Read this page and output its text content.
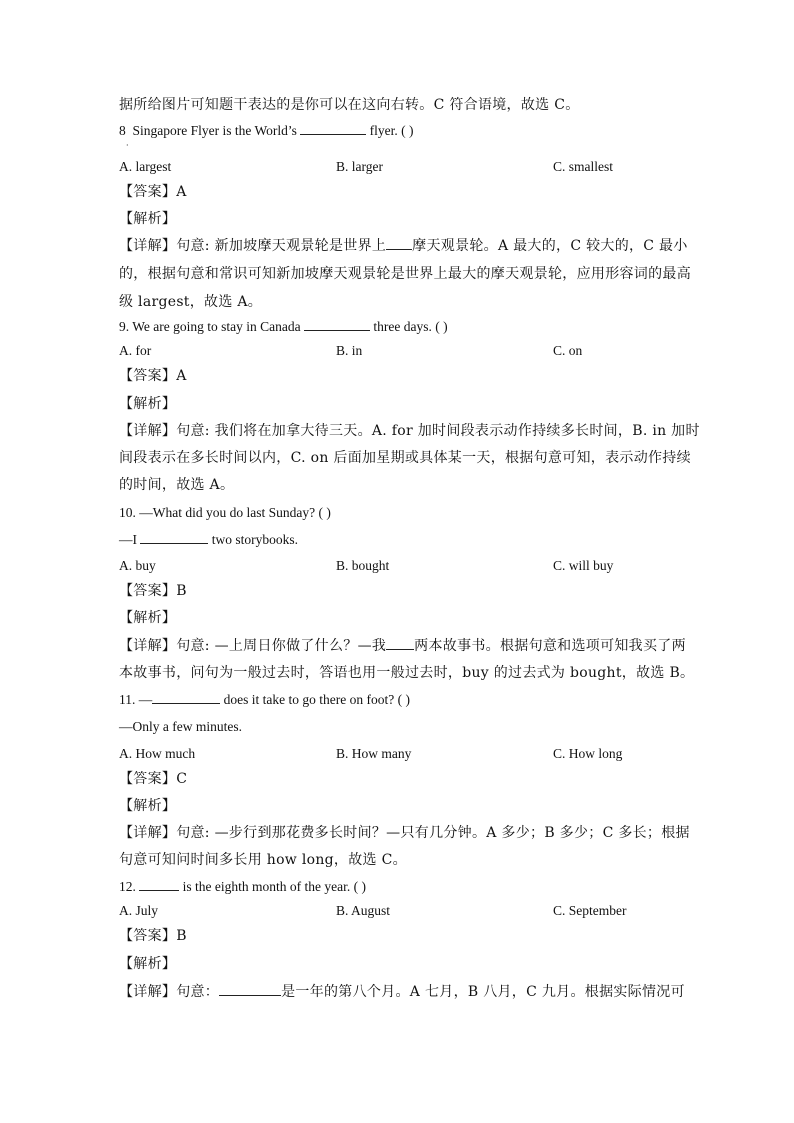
据所给图片可知题干表达的是你可以在这向右转。C 符合语境，故选 C。
8 Singapore Flyer is the World’s	flyer. ( )
·
A. largest	B. larger	C. smallest
【答案】A
【解析】
【详解】句意: 新加坡摩天观景轮是世界上 摩天观景轮。A 最大的，C 较大的，C 最小
的，根据句意和常识可知新加坡摩天观景轮是世界上最大的摩天观景轮，应用形容词的最高
级 largest，故选 A。
9. We are going to stay in Canada	three days. ( )
A. for	B. in	C. on
【答案】A
【解析】
【详解】句意: 我们将在加拿大待三天。A. for 加时间段表示动作持续多长时间，B. in 加时
间段表示在多长时间以内，C. on 后面加星期或具体某一天，根据句意可知，表示动作持续
的时间，故选 A。
10. —What did you do last Sunday? ( )
—I	two storybooks.
A. buy	B. bought	C. will buy
【答案】B
【解析】
【详解】句意: —上周日你做了什么？—我 两本故事书。根据句意和选项可知我买了两
本故事书，问句为一般过去时，答语也用一般过去时，buy 的过去式为 bought，故选 B。
11. —	does it take to go there on foot? ( )
—Only a few minutes.
A. How much	B. How many	C. How long
【答案】C
【解析】
【详解】句意: —步行到那花费多长时间？—只有几分钟。A 多少；B 多少；C 多长；根据
句意可知问时间多长用 how long，故选 C。
12.	is the eighth month of the year. ( )
A. July	B. August	C. September
【答案】B
【解析】
【详解】句意：	是一年的第八个月。A 七月，B 八月，C 九月。根据实际情况可
